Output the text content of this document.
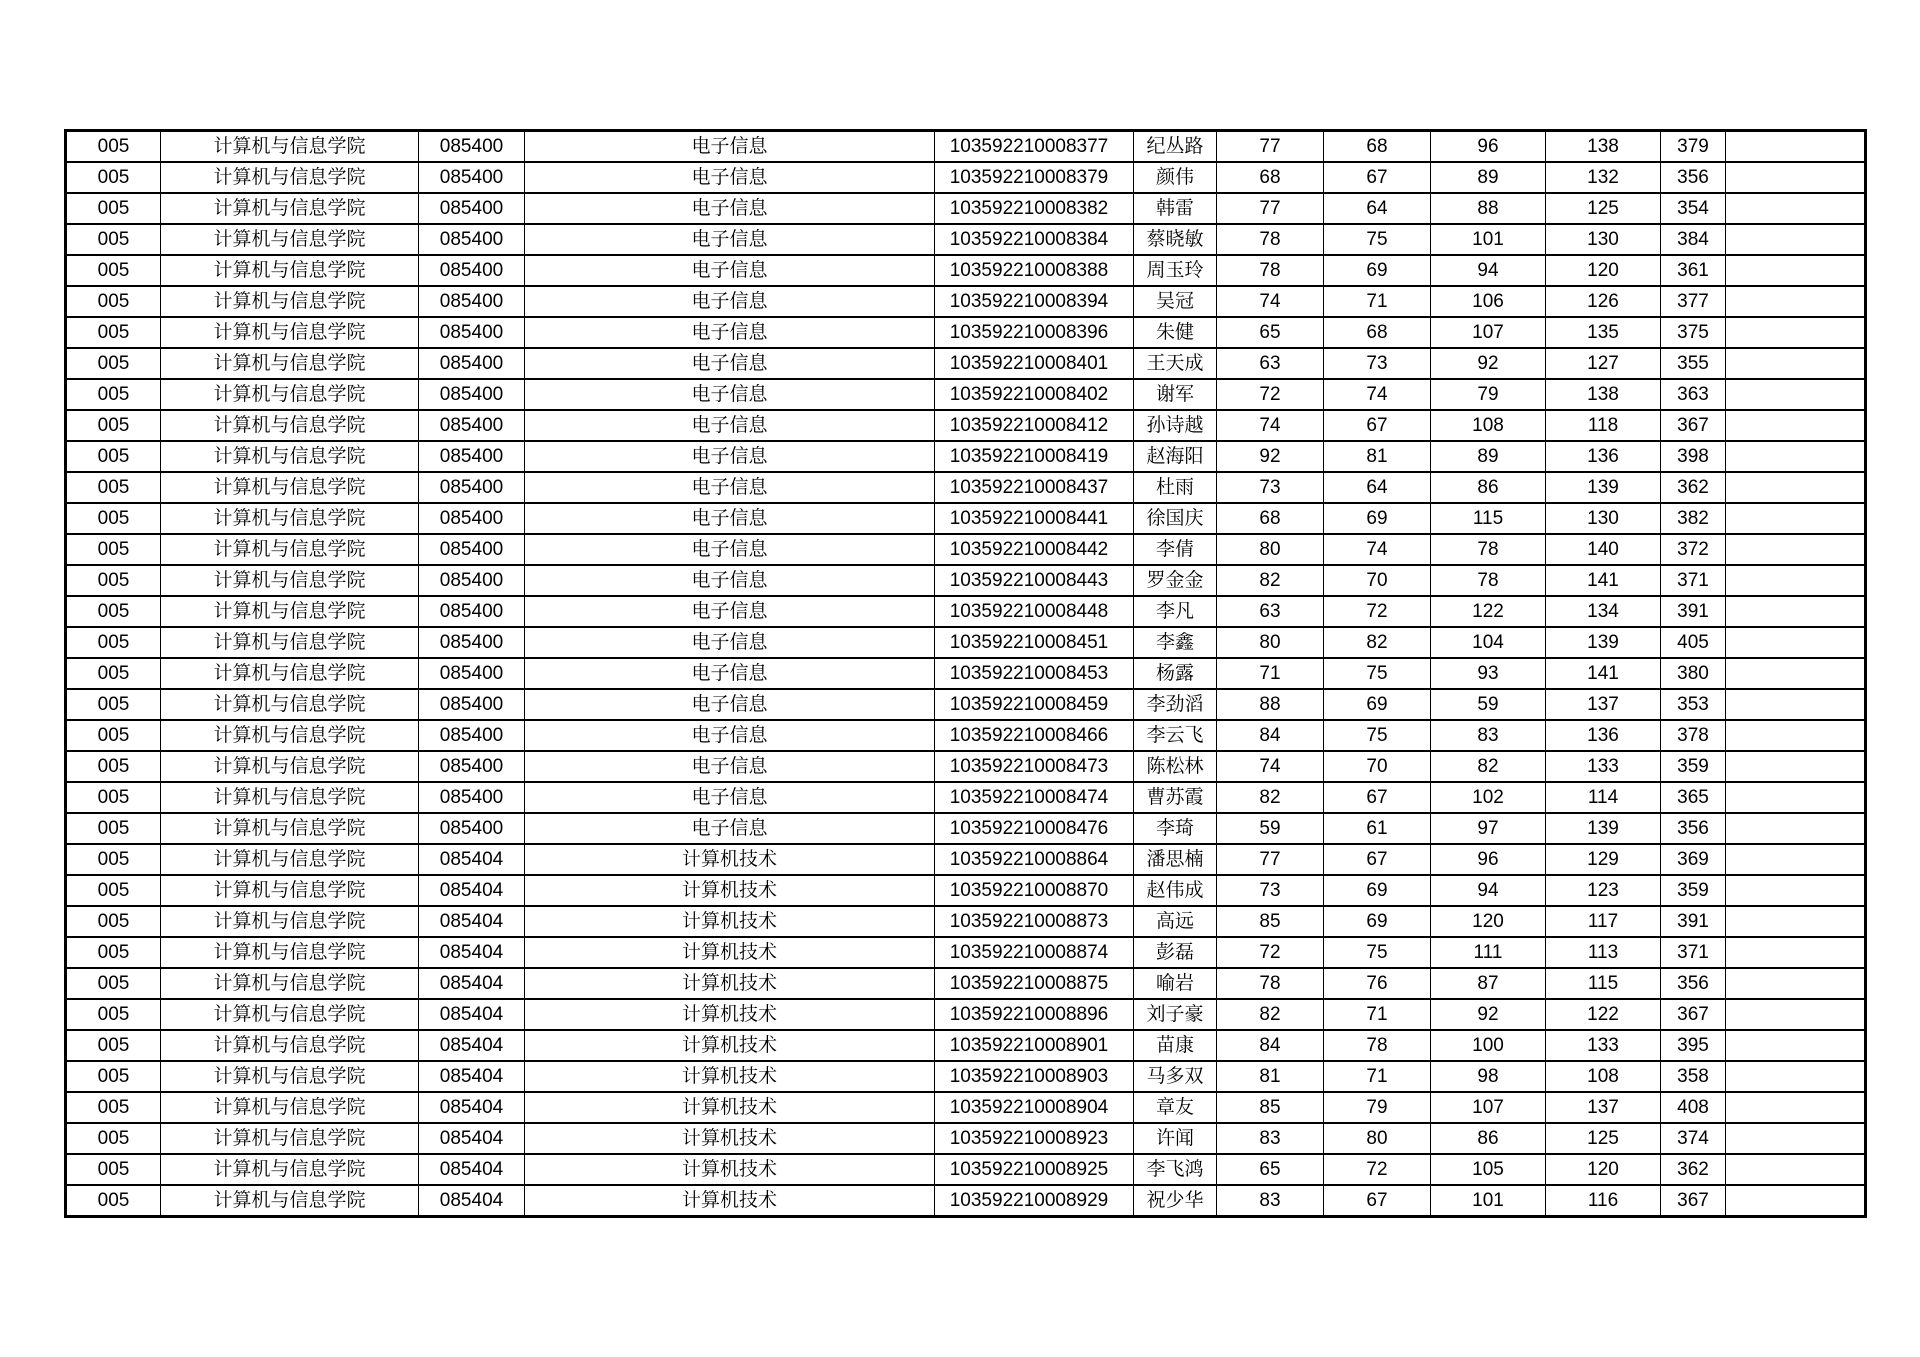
005	计算机与信息学院	085400	电子信息	103592210008377	纪丛路	77	68	96	138	379	
005	计算机与信息学院	085400	电子信息	103592210008379	颜伟	68	67	89	132	356	
005	计算机与信息学院	085400	电子信息	103592210008382	韩雷	77	64	88	125	354	
005	计算机与信息学院	085400	电子信息	103592210008384	蔡晓敏	78	75	101	130	384	
005	计算机与信息学院	085400	电子信息	103592210008388	周玉玲	78	69	94	120	361	
005	计算机与信息学院	085400	电子信息	103592210008394	吴冠	74	71	106	126	377	
005	计算机与信息学院	085400	电子信息	103592210008396	朱健	65	68	107	135	375	
005	计算机与信息学院	085400	电子信息	103592210008401	王天成	63	73	92	127	355	
005	计算机与信息学院	085400	电子信息	103592210008402	谢军	72	74	79	138	363	
005	计算机与信息学院	085400	电子信息	103592210008412	孙诗越	74	67	108	118	367	
005	计算机与信息学院	085400	电子信息	103592210008419	赵海阳	92	81	89	136	398	
005	计算机与信息学院	085400	电子信息	103592210008437	杜雨	73	64	86	139	362	
005	计算机与信息学院	085400	电子信息	103592210008441	徐国庆	68	69	115	130	382	
005	计算机与信息学院	085400	电子信息	103592210008442	李倩	80	74	78	140	372	
005	计算机与信息学院	085400	电子信息	103592210008443	罗金金	82	70	78	141	371	
005	计算机与信息学院	085400	电子信息	103592210008448	李凡	63	72	122	134	391	
005	计算机与信息学院	085400	电子信息	103592210008451	李鑫	80	82	104	139	405	
005	计算机与信息学院	085400	电子信息	103592210008453	杨露	71	75	93	141	380	
005	计算机与信息学院	085400	电子信息	103592210008459	李劲滔	88	69	59	137	353	
005	计算机与信息学院	085400	电子信息	103592210008466	李云飞	84	75	83	136	378	
005	计算机与信息学院	085400	电子信息	103592210008473	陈松林	74	70	82	133	359	
005	计算机与信息学院	085400	电子信息	103592210008474	曹苏霞	82	67	102	114	365	
005	计算机与信息学院	085400	电子信息	103592210008476	李琦	59	61	97	139	356	
005	计算机与信息学院	085404	计算机技术	103592210008864	潘思楠	77	67	96	129	369	
005	计算机与信息学院	085404	计算机技术	103592210008870	赵伟成	73	69	94	123	359	
005	计算机与信息学院	085404	计算机技术	103592210008873	高远	85	69	120	117	391	
005	计算机与信息学院	085404	计算机技术	103592210008874	彭磊	72	75	111	113	371	
005	计算机与信息学院	085404	计算机技术	103592210008875	喻岩	78	76	87	115	356	
005	计算机与信息学院	085404	计算机技术	103592210008896	刘子豪	82	71	92	122	367	
005	计算机与信息学院	085404	计算机技术	103592210008901	苗康	84	78	100	133	395	
005	计算机与信息学院	085404	计算机技术	103592210008903	马多双	81	71	98	108	358	
005	计算机与信息学院	085404	计算机技术	103592210008904	章友	85	79	107	137	408	
005	计算机与信息学院	085404	计算机技术	103592210008923	许闻	83	80	86	125	374	
005	计算机与信息学院	085404	计算机技术	103592210008925	李飞鸿	65	72	105	120	362	
005	计算机与信息学院	085404	计算机技术	103592210008929	祝少华	83	67	101	116	367	
